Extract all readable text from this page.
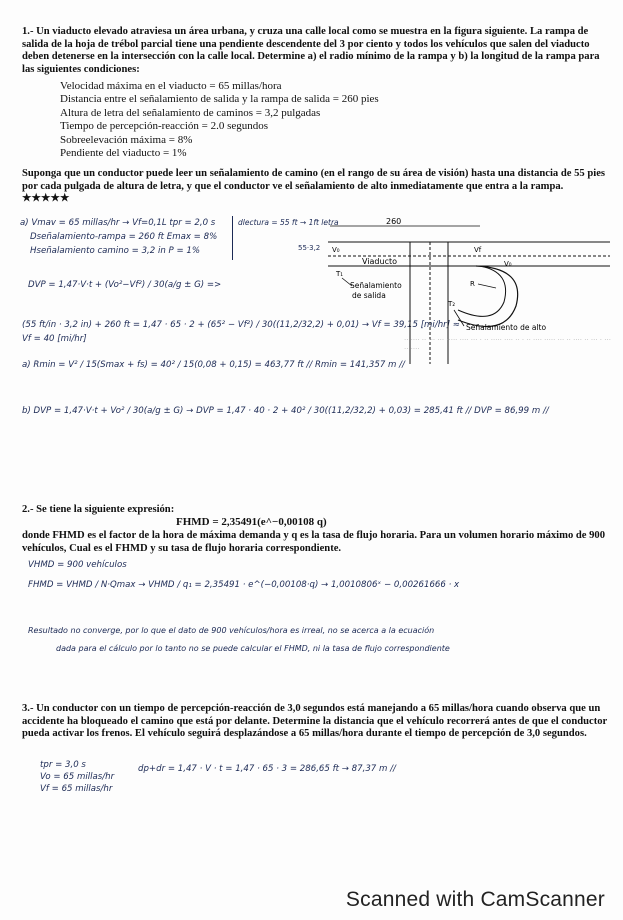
1.- Un viaducto elevado atraviesa un área urbana, y cruza una calle local como se muestra en la figura siguiente. La rampa de salida de la hoja de trébol parcial tiene una pendiente descendente del 3 por ciento y todos los vehículos que salen del viaducto deben detenerse en la intersección con la calle local. Determine a) el radio mínimo de la rampa y b) la longitud de la rampa para las siguientes condiciones:
Velocidad máxima en el viaducto = 65 millas/hora
Distancia entre el señalamiento de salida y la rampa de salida = 260 pies
Altura de letra del señalamiento de caminos = 3,2 pulgadas
Tiempo de percepción-reacción = 2.0 segundos
Sobreelevación máxima = 8%
Pendiente del viaducto = 1%
Suponga que un conductor puede leer un señalamiento de camino (en el rango de su área de visión) hasta una distancia de 55 pies por cada pulgada de altura de letra, y que el conductor ve el señalamiento de alto inmediatamente que entra a la rampa. ★★★★★
a) Vmav = 65 millas/hr → Vf=0,1L tpr = 2,0 s
Dseñalamiento-rampa = 260 ft Emax = 8%
Hseñalamiento camino = 3,2 in P = 1%
dlectura = 55 ft → 1ft letra
DVP = 1,47·V·t + (Vo²−Vf²) / 30(a/g ± G) =>
(55 ft/in · 3,2 in) + 260 ft = 1,47 · 65 · 2 + (65² − Vf²) / 30((11,2/32,2) + 0,01) → Vf = 39,15 [mi/hr] ≈ Vf = 40 [mi/hr]
a) Rmin = V² / 15(Smax + fs) = 40² / 15(0,08 + 0,15) = 463,77 ft // Rmin = 141,357 m //
b) DVP = 1,47·V·t + Vo² / 30(a/g ± G) → DVP = 1,47 · 40 · 2 + 40² / 30((11,2/32,2) + 0,03) = 285,41 ft // DVP = 86,99 m //
260
55·3,2 V₀	Vf
Viaducto	V₀
R
T₁
T₂
Señalamiento
de salida
Señalamiento de alto
·· ···· ·· ··· ··· ····· ···· ··· · ·· ····· ···· ·· · ·· ···· ····· ··· ·· ···· ·· ··· · ··· ·· ····
2.- Se tiene la siguiente expresión:
FHMD = 2,35491(e^−0,00108 q)
donde FHMD es el factor de la hora de máxima demanda y q es la tasa de flujo horaria. Para un volumen horario máximo de 900 vehículos, Cual es el FHMD y su tasa de flujo horaria correspondiente.
VHMD = 900 vehículos
FHMD = VHMD / N·Qmax → VHMD / q₁ = 2,35491 · e^(−0,00108·q) → 1,0010806ˣ − 0,00261666 · x
Resultado no converge, por lo que el dato de 900 vehículos/hora es irreal, no se acerca a la ecuación
dada para el cálculo por lo tanto no se puede calcular el FHMD, ni la tasa de flujo correspondiente
3.- Un conductor con un tiempo de percepción-reacción de 3,0 segundos está manejando a 65 millas/hora cuando observa que un accidente ha bloqueado el camino que está por delante. Determine la distancia que el vehículo recorrerá antes de que el conductor pueda activar los frenos. El vehículo seguirá desplazándose a 65 millas/hora durante el tiempo de percepción de 3,0 segundos.
tpr = 3,0 s
Vo = 65 millas/hr
Vf = 65 millas/hr
dp+dr = 1,47 · V · t = 1,47 · 65 · 3 = 286,65 ft → 87,37 m //
Scanned with CamScanner
